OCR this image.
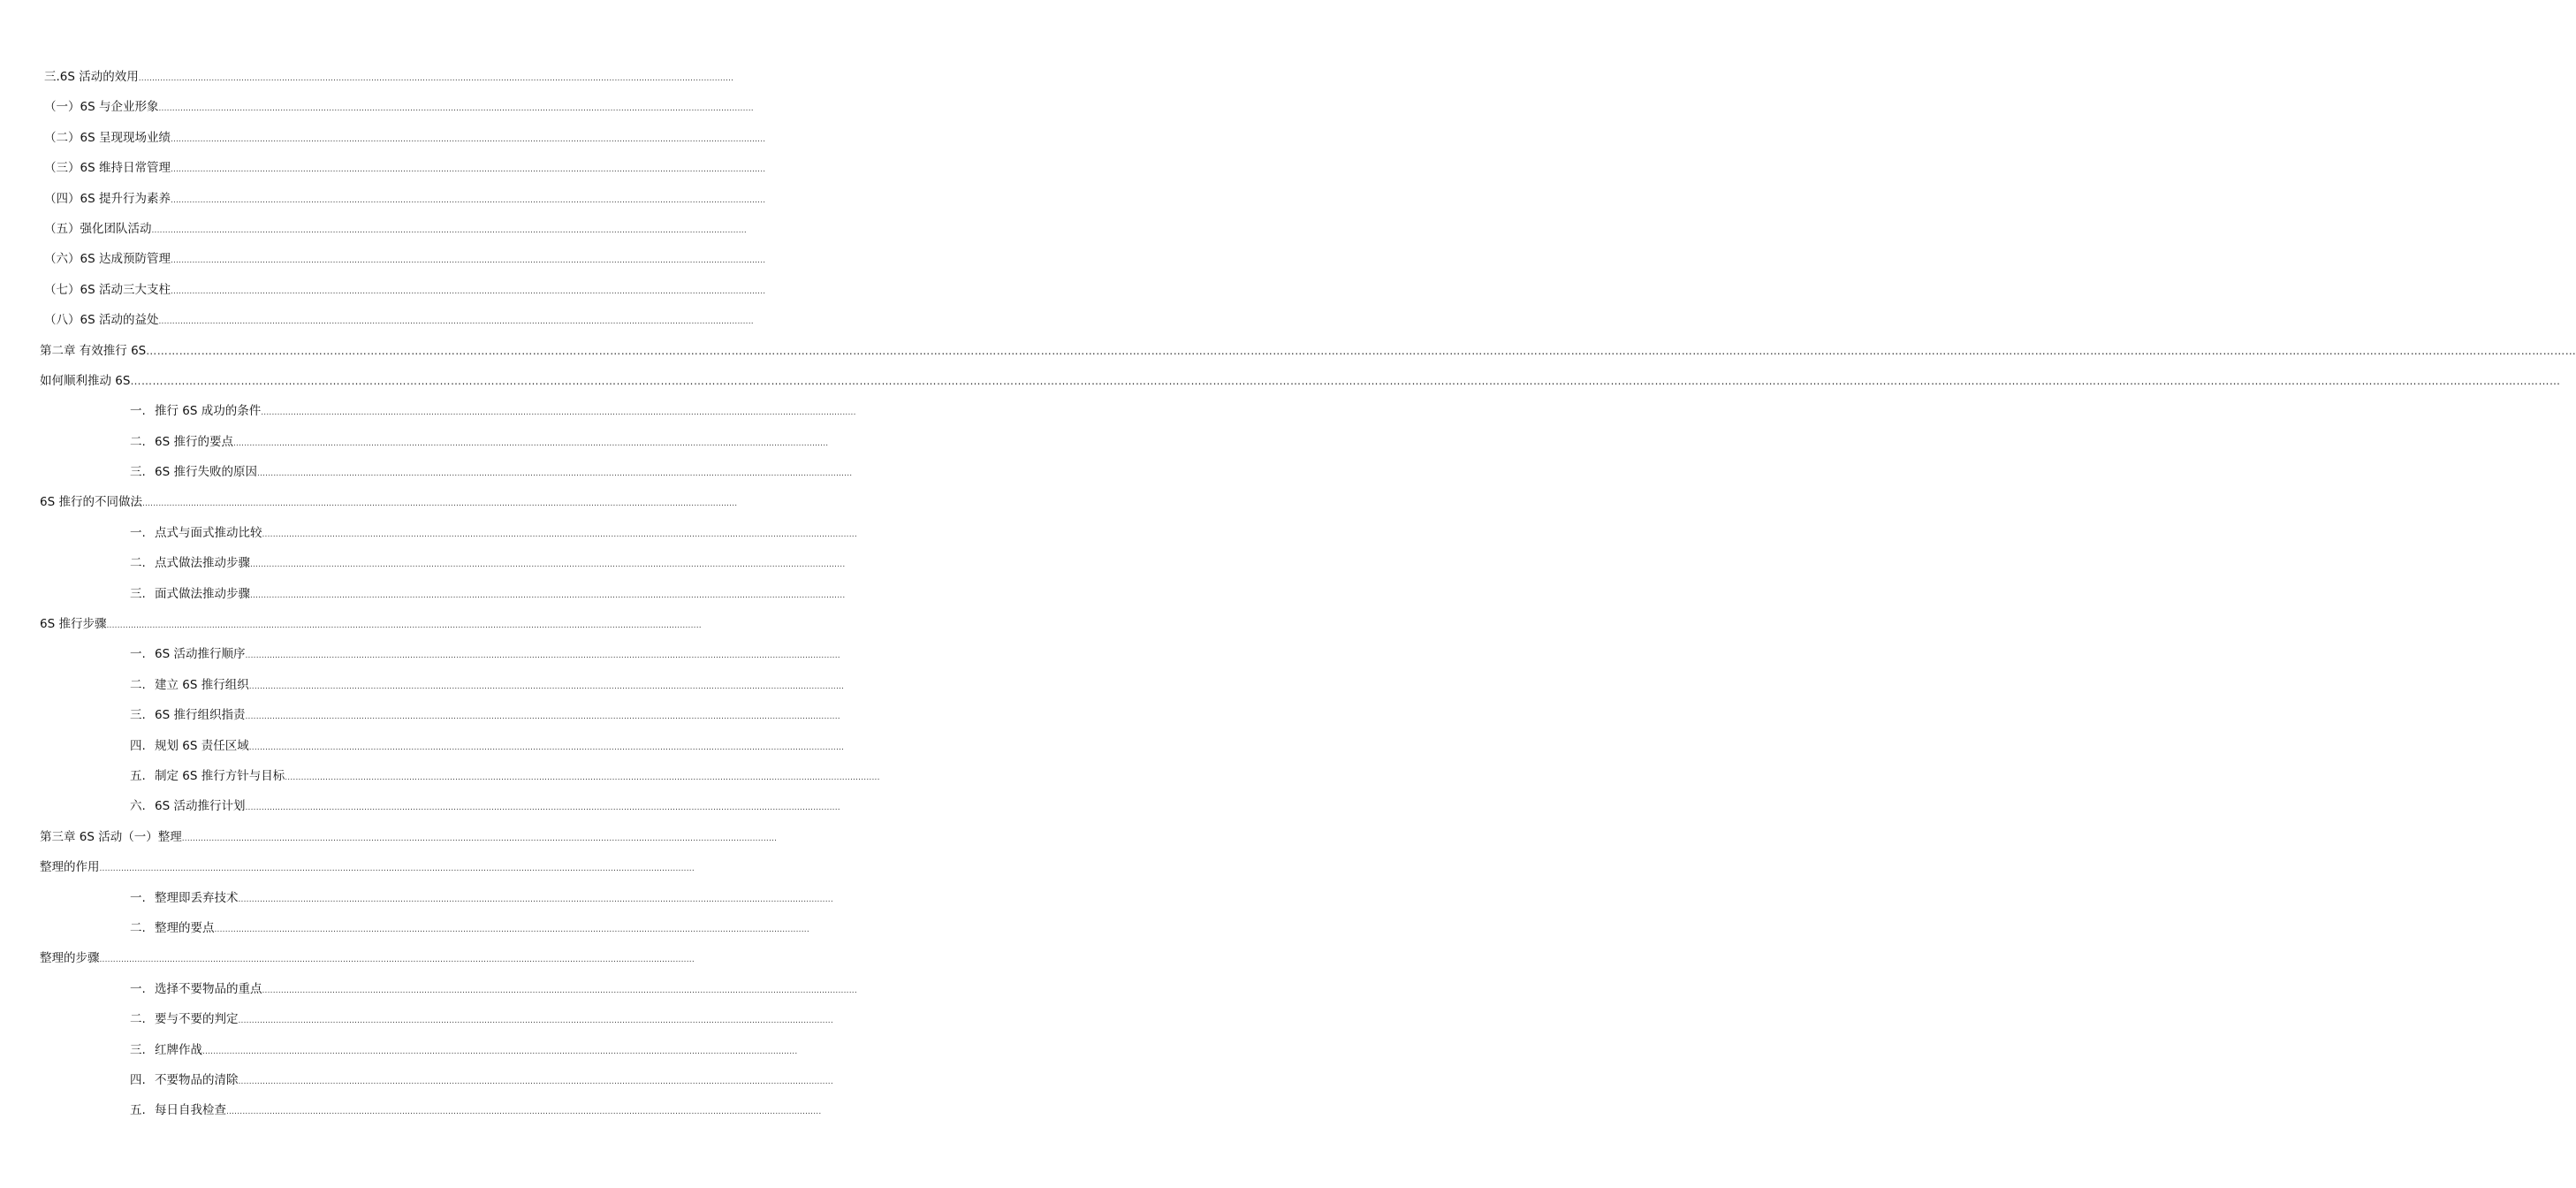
三.6S 活动的效用 ............................................................................................................................................................................................................................
（一）6S 与企业形象 ............................................................................................................................................................................................................................
（二）6S 呈现现场业绩 ............................................................................................................................................................................................................................
（三）6S 维持日常管理 ............................................................................................................................................................................................................................
（四）6S 提升行为素养 ............................................................................................................................................................................................................................
（五）强化团队活动 ............................................................................................................................................................................................................................
（六）6S 达成预防管理 ............................................................................................................................................................................................................................
（七）6S 活动三大支柱 ............................................................................................................................................................................................................................
（八）6S 活动的益处 ............................................................................................................................................................................................................................
第二章 有效推行 6S …………………………………………………………………………………………………………………………………………………………………………………………………………………………………………………………………………………………………………………………………………………………………………………………………………………………………………………………………………………………………………………………………………………………………………………………………………
如何顺利推动 6S …………………………………………………………………………………………………………………………………………………………………………………………………………………………………………………………………………………………………………………………………………………………………………………………………………………………………………………………………………………………………………………………………………………………………………………………………………
一. 推行 6S 成功的条件 ............................................................................................................................................................................................................................
二. 6S 推行的要点 ............................................................................................................................................................................................................................
三. 6S 推行失败的原因 ............................................................................................................................................................................................................................
6S 推行的不同做法 ............................................................................................................................................................................................................................
一. 点式与面式推动比较 ............................................................................................................................................................................................................................
二. 点式做法推动步骤 ............................................................................................................................................................................................................................
三. 面式做法推动步骤 ............................................................................................................................................................................................................................
6S 推行步骤 ............................................................................................................................................................................................................................
一. 6S 活动推行顺序 ............................................................................................................................................................................................................................
二. 建立 6S 推行组织 ............................................................................................................................................................................................................................
三. 6S 推行组织指责 ............................................................................................................................................................................................................................
四. 规划 6S 责任区域 ............................................................................................................................................................................................................................
五. 制定 6S 推行方针与目标 ............................................................................................................................................................................................................................
六. 6S 活动推行计划 ............................................................................................................................................................................................................................
第三章 6S 活动（一）整理 ............................................................................................................................................................................................................................
整理的作用 ............................................................................................................................................................................................................................
一. 整理即丢弃技术 ............................................................................................................................................................................................................................
二. 整理的要点 ............................................................................................................................................................................................................................
整理的步骤 ............................................................................................................................................................................................................................
一. 选择不要物品的重点 ............................................................................................................................................................................................................................
二. 要与不要的判定 ............................................................................................................................................................................................................................
三. 红牌作战 ............................................................................................................................................................................................................................
四. 不要物品的清除 ............................................................................................................................................................................................................................
五. 每日自我检查 ............................................................................................................................................................................................................................
